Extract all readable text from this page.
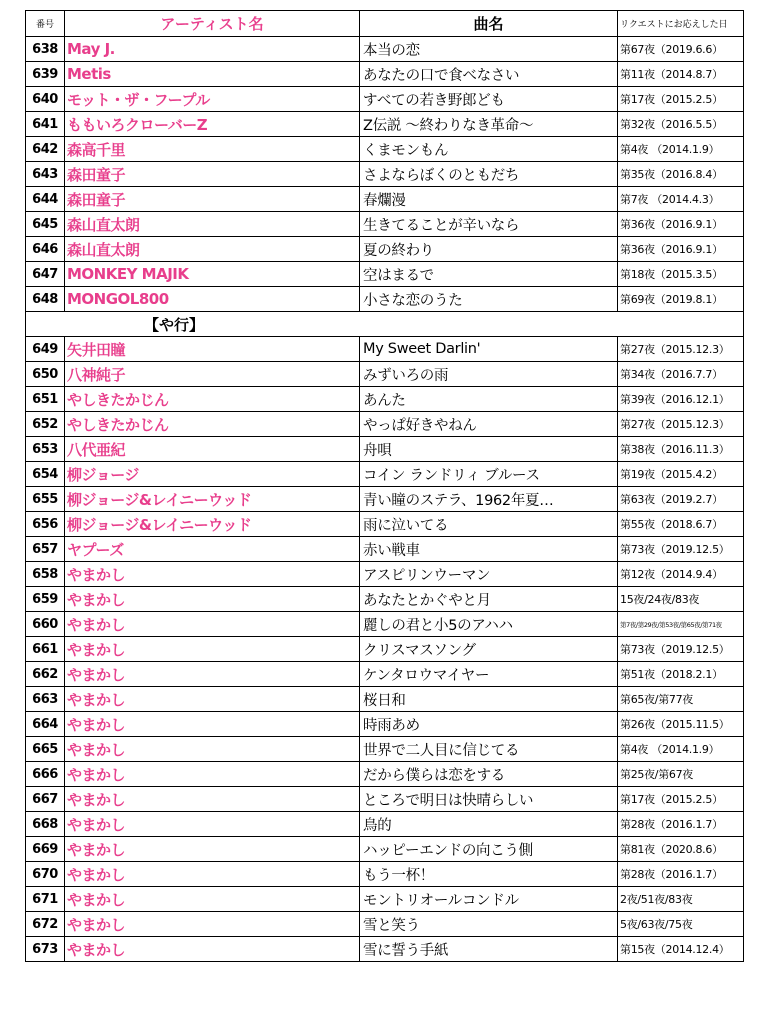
番号	アーティスト名	曲名	リクエストにお応えした日
638	May J.	本当の恋	第67夜（2019.6.6）
639	Metis	あなたの口で食べなさい	第11夜（2014.8.7）
640	モット・ザ・フープル	すべての若き野郎ども	第17夜（2015.2.5）
641	ももいろクローバーZ	Z伝説 ～終わりなき革命～	第32夜（2016.5.5）
642	森高千里	くまモンもん	第4夜 （2014.1.9）
643	森田童子	さよならぼくのともだち	第35夜（2016.8.4）
644	森田童子	春爛漫	第7夜 （2014.4.3）
645	森山直太朗	生きてることが辛いなら	第36夜（2016.9.1）
646	森山直太朗	夏の終わり	第36夜（2016.9.1）
647	MONKEY MAJIK	空はまるで	第18夜（2015.3.5）
648	MONGOL800	小さな恋のうた	第69夜（2019.8.1）
【や行】			
649	矢井田瞳	My Sweet Darlin'	第27夜（2015.12.3）
650	八神純子	みずいろの雨	第34夜（2016.7.7）
651	やしきたかじん	あんた	第39夜（2016.12.1）
652	やしきたかじん	やっぱ好きやねん	第27夜（2015.12.3）
653	八代亜紀	舟唄	第38夜（2016.11.3）
654	柳ジョージ	コイン ランドリィ ブルース	第19夜（2015.4.2）
655	柳ジョージ&レイニーウッド	青い瞳のステラ、1962年夏…	第63夜（2019.2.7）
656	柳ジョージ&レイニーウッド	雨に泣いてる	第55夜（2018.6.7）
657	ヤプーズ	赤い戦車	第73夜（2019.12.5）
658	やまかし	アスピリンウーマン	第12夜（2014.9.4）
659	やまかし	あなたとかぐやと月	15夜/24夜/83夜
660	やまかし	麗しの君と小5のアハハ	第7夜/第29夜/第53夜/第65夜/第71夜
661	やまかし	クリスマスソング	第73夜（2019.12.5）
662	やまかし	ケンタロウマイヤー	第51夜（2018.2.1）
663	やまかし	桜日和	第65夜/第77夜
664	やまかし	時雨あめ	第26夜（2015.11.5）
665	やまかし	世界で二人目に信じてる	第4夜 （2014.1.9）
666	やまかし	だから僕らは恋をする	第25夜/第67夜
667	やまかし	ところで明日は快晴らしい	第17夜（2015.2.5）
668	やまかし	鳥的	第28夜（2016.1.7）
669	やまかし	ハッピーエンドの向こう側	第81夜（2020.8.6）
670	やまかし	もう一杯！	第28夜（2016.1.7）
671	やまかし	モントリオールコンドル	2夜/51夜/83夜
672	やまかし	雪と笑う	5夜/63夜/75夜
673	やまかし	雪に誓う手紙	第15夜（2014.12.4）
